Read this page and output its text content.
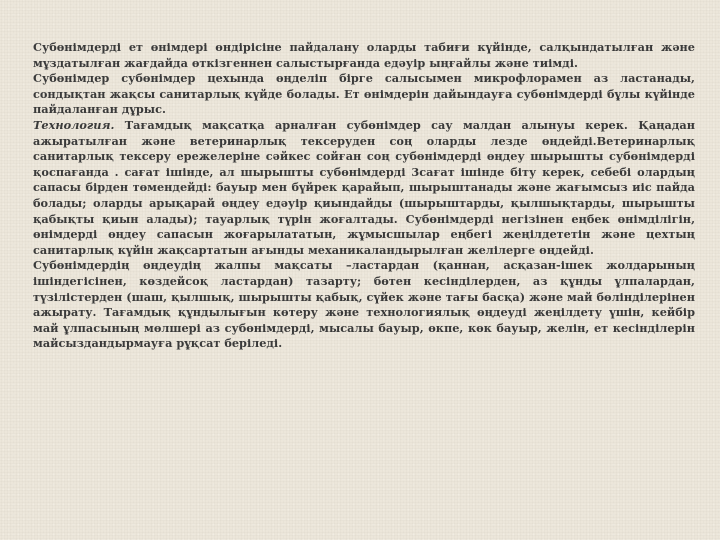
Субөнімдерді ет өнімдері өндірісіне пайдалану оларды табиғи күйінде, салқындатылған және мұздатылған жағдайда өткізгеннен салыстырғанда едәуір ыңғайлы және тиімді.

Субөнімдер субөнімдер цехында өңделіп бірге салысымен микрофлорамен аз ластанады, сондықтан жақсы санитарлық күйде болады. Ет өнімдерін дайындауға субөнімдерді бұлы күйінде пайдаланған дұрыс.

Технология. Тағамдық мақсатқа арналған субөнімдер сау малдан алынуы керек. Қаңадан ажыратылған және ветеринарлық тексеруден соң оларды лезде өңдейді.Ветеринарлық санитарлық тексеру ережелеріне сәйкес сойған соң субөнімдерді өңдеу шырышты субөнімдерді қоспағанда . сағат ішінде, ал шырышты субөнімдерді 3сағат ішінде біту керек, себебі олардың сапасы бірден төмендейді: бауыр мен бүйрек қарайып, шырыштанады және жағымсыз иіс пайда болады; оларды арықарай өңдеу едәуір қиындайды (шырыштарды, қылшықтарды, шырышты қабықты қиын алады); тауарлық түрін жоғалтады. Субөнімдерді негізінен еңбек өнімділігін, өнімдерді өңдеу сапасын жоғарылататын, жұмысшылар еңбегі жеңілдететін және цехтың санитарлық күйін жақсартатын ағынды механикаландырылған желілерге өңдейді.

Субөнімдердің өңдеудің жалпы мақсаты –ластардан (қаннан, асқазан-ішек жолдарының ішіндегісінен, көздейсоқ ластардан) тазарту; бөтен кесінділерден, аз құнды ұлпалардан, түзілістерден (шаш, қылшық, шырышты қабық, сүйек және тағы басқа) және май бөлінділерінен ажырату. Тағамдық құндылығын көтеру және технологиялық өңдеуді жеңілдету үшін, кейбір май ұлпасының мөлшері аз субөнімдерді, мысалы бауыр, өкпе, көк бауыр, желін, ет кесінділерін майсыздандырмауға рұқсат беріледі.
